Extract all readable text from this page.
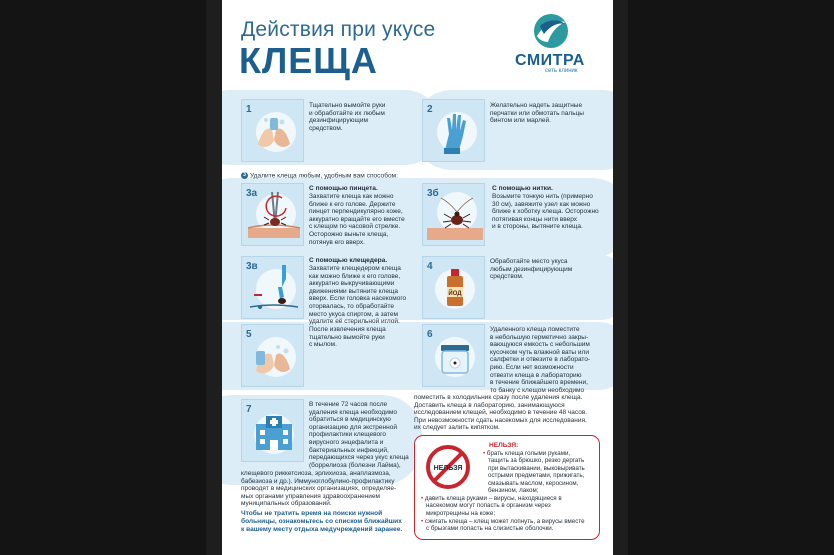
Действия при укусе
КЛЕЩА	СМИТРА
сеть клиник
1	Тщательно вымойте руки
и обработайте их любым
дезинфицирующим
средством.
2	Желательно надеть защитные
перчатки или обмотать пальцы
бинтом или марлей.
3 Удалите клеща любым, удобным вам способом:
3а	С помощью пинцета.
Захватите клеща как можно
ближе к его голове. Держите
пинцет перпендикулярно коже,
аккуратно вращайте его вместе
с клещом по часовой стрелке.
Осторожно выньте клеща,
потянув его вверх.
3б	С помощью нитки.
Возьмите тонкую нить (примерно
30 см), завяжите узел как можно
ближе к хоботку клеща. Осторожно
потягивая концы нити вверх
и в стороны, вытяните клеща.
3в
С помощью клещедера.
Захватите клещедером клеща
как можно ближе к его голове,
аккуратно выкручивающими
движениями вытяните клеща
вверх. Если головка насекомого
оторвалась, то обработайте
место укуса спиртом, а затем
удалите её стерильной иглой.
4
ЙОД
Обработайте место укуса
любым дезинфицирующим
средством.
5	После извлечения клеща
тщательно вымойте руки
с мылом.
6	Удаленного клеща поместите
в небольшую герметично закры-
вающуюся емкость с небольшим
кусочком чуть влажной ваты или
салфетки и отвезите в лаборато-
рию. Если нет возможности
отвезти клеща в лабораторию
в течение ближайшего времени,
то банку с клещом необходимо
поместить в холодильник сразу после удаления клеща.
Доставить клеща в лабораторию, занимающуюся
исследованием клещей, необходимо в течение 48 часов.
При невозможности сдать насекомых для исследования,
их следует залить кипятком.
7	В течение 72 часов после
удаления клеща необходимо
обратиться в медицинскую
организацию для экстренной
профилактики клещевого
вирусного энцефалита и
бактериальных инфекций,
передающихся через укус клеща
(боррелиоза (болезни Лайма),
клещевого риккетсиоза, эрлихиоза, анаплазмоза,
бабезиоза и др.). Иммуноглобулино-профилактику
проводят в медицинских организациях, определяе-
мых органами управления здравоохранением
муниципальных образований.
НЕЛЬЗЯ
НЕЛЬЗЯ:
• брать клеща голыми руками,
тащить за брюшко, резко дергать
при вытаскивании, выковыривать
острыми предметами, прижигать,
смазывать маслом, керосином,
бензином, лаком;
• давить клеща руками – вирусы, находящиеся в
насекомом могут попасть в организм через
микротрещины на коже;
• сжигать клеща – клещ может лопнуть, а вирусы вместе
с брызгами попасть на слизистые оболочки.
Чтобы не тратить время на поиски нужной
больницы, ознакомьтесь со списком ближайших
к вашему месту отдыха медучреждений заранее.
